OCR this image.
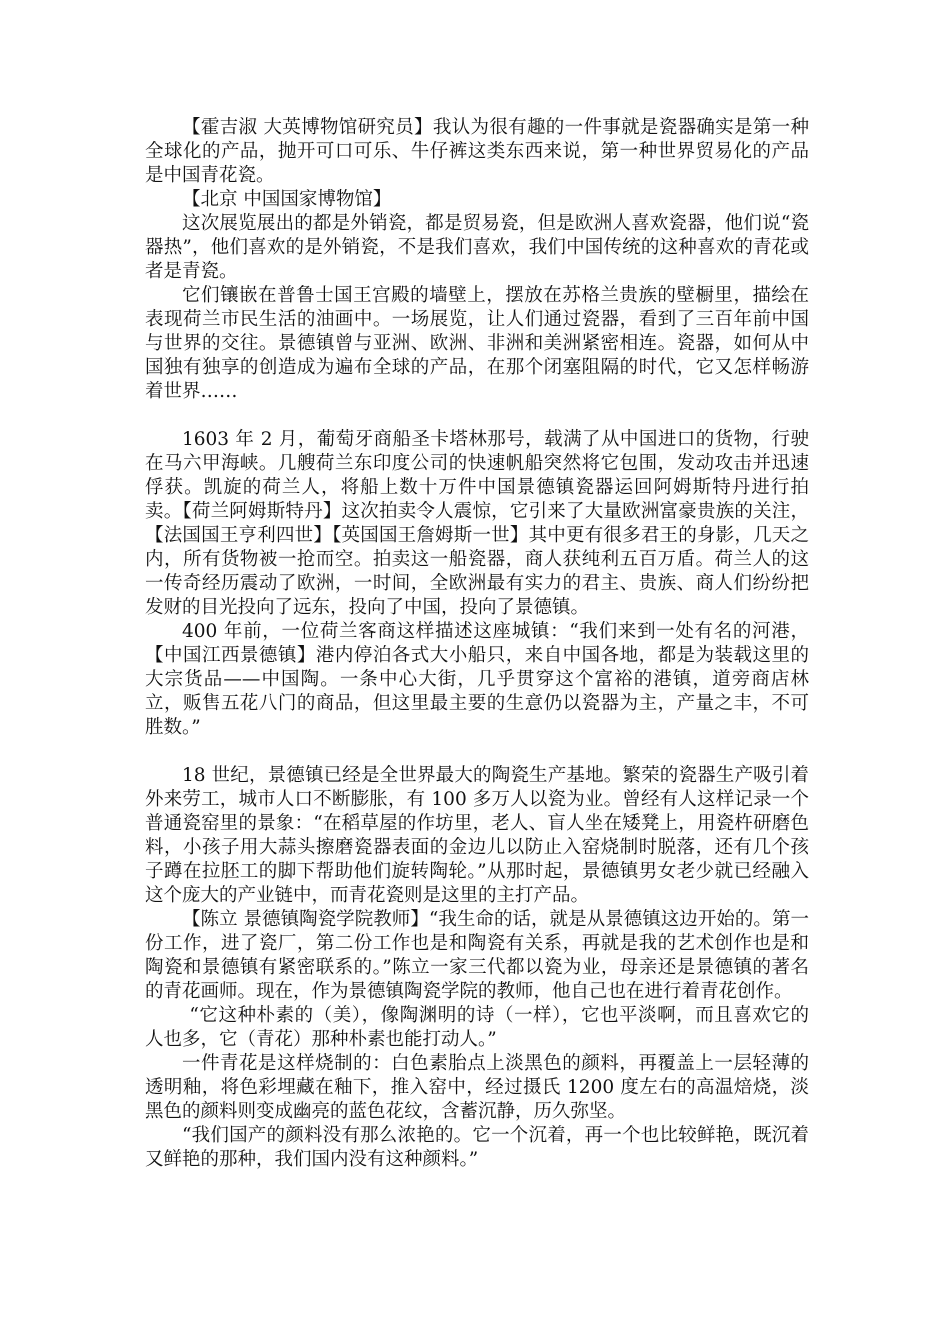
【霍吉淑 大英博物馆研究员】我认为很有趣的一件事就是瓷器确实是第一种全球化的产品，抛开可口可乐、牛仔裤这类东西来说，第一种世界贸易化的产品是中国青花瓷。

【北京 中国国家博物馆】

这次展览展出的都是外销瓷，都是贸易瓷，但是欧洲人喜欢瓷器，他们说“瓷器热”，他们喜欢的是外销瓷，不是我们喜欢，我们中国传统的这种喜欢的青花或者是青瓷。

它们镶嵌在普鲁士国王宫殿的墙壁上，摆放在苏格兰贵族的壁橱里，描绘在表现荷兰市民生活的油画中。一场展览，让人们通过瓷器，看到了三百年前中国与世界的交往。景德镇曾与亚洲、欧洲、非洲和美洲紧密相连。瓷器，如何从中国独有独享的创造成为遍布全球的产品，在那个闭塞阻隔的时代，它又怎样畅游着世界……

1603 年 2 月，葡萄牙商船圣卡塔林那号，载满了从中国进口的货物，行驶在马六甲海峡。几艘荷兰东印度公司的快速帆船突然将它包围，发动攻击并迅速俘获。凯旋的荷兰人，将船上数十万件中国景德镇瓷器运回阿姆斯特丹进行拍卖。【荷兰阿姆斯特丹】这次拍卖令人震惊，它引来了大量欧洲富豪贵族的关注，【法国国王亨利四世】【英国国王詹姆斯一世】其中更有很多君王的身影，几天之内，所有货物被一抢而空。拍卖这一船瓷器，商人获纯利五百万盾。荷兰人的这一传奇经历震动了欧洲，一时间，全欧洲最有实力的君主、贵族、商人们纷纷把发财的目光投向了远东，投向了中国，投向了景德镇。

400 年前，一位荷兰客商这样描述这座城镇：“我们来到一处有名的河港，【中国江西景德镇】港内停泊各式大小船只，来自中国各地，都是为装载这里的大宗货品——中国陶。一条中心大街，几乎贯穿这个富裕的港镇，道旁商店林立，贩售五花八门的商品，但这里最主要的生意仍以瓷器为主，产量之丰，不可胜数。”

18 世纪，景德镇已经是全世界最大的陶瓷生产基地。繁荣的瓷器生产吸引着外来劳工，城市人口不断膨胀，有 100 多万人以瓷为业。曾经有人这样记录一个普通瓷窑里的景象：“在稻草屋的作坊里，老人、盲人坐在矮凳上，用瓷杵研磨色料，小孩子用大蒜头擦磨瓷器表面的金边儿以防止入窑烧制时脱落，还有几个孩子蹲在拉胚工的脚下帮助他们旋转陶轮。”从那时起，景德镇男女老少就已经融入这个庞大的产业链中，而青花瓷则是这里的主打产品。

【陈立 景德镇陶瓷学院教师】“我生命的话，就是从景德镇这边开始的。第一份工作，进了瓷厂，第二份工作也是和陶瓷有关系，再就是我的艺术创作也是和陶瓷和景德镇有紧密联系的。”陈立一家三代都以瓷为业，母亲还是景德镇的著名的青花画师。现在，作为景德镇陶瓷学院的教师，他自己也在进行着青花创作。

“它这种朴素的（美），像陶渊明的诗（一样），它也平淡啊，而且喜欢它的人也多，它（青花）那种朴素也能打动人。”

一件青花是这样烧制的：白色素胎点上淡黑色的颜料，再覆盖上一层轻薄的透明釉，将色彩埋藏在釉下，推入窑中，经过摄氏 1200 度左右的高温焙烧，淡黑色的颜料则变成幽亮的蓝色花纹，含蓄沉静，历久弥坚。

“我们国产的颜料没有那么浓艳的。它一个沉着，再一个也比较鲜艳，既沉着又鲜艳的那种，我们国内没有这种颜料。”
